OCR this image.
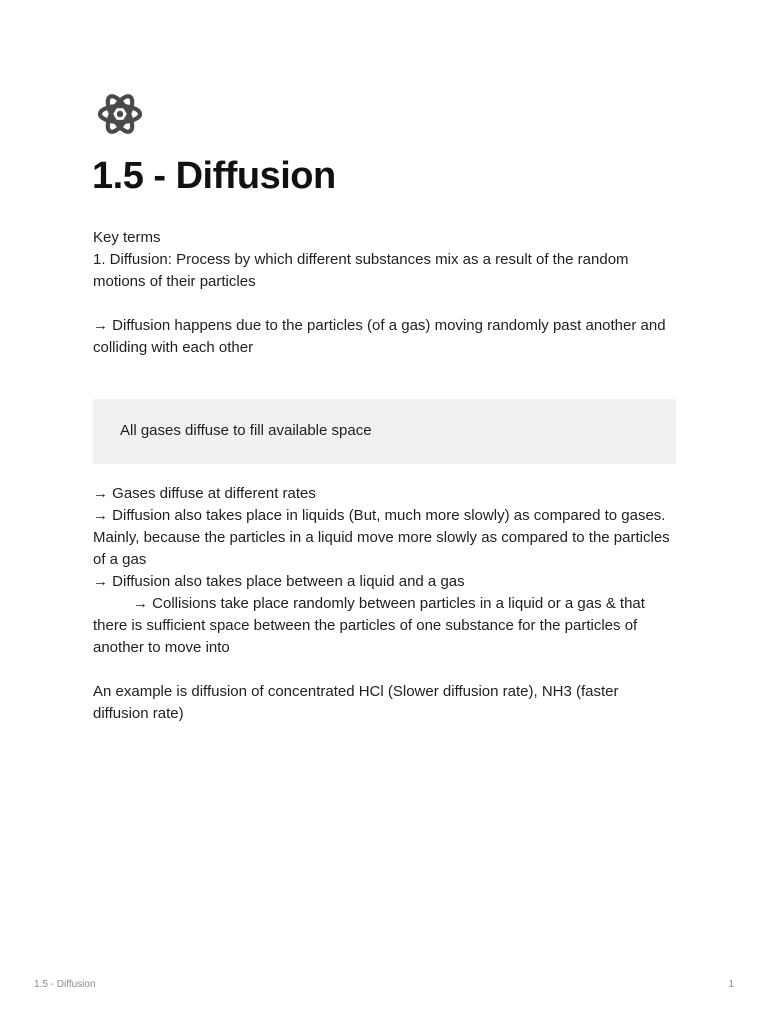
1.5 - Diffusion

Key terms

1. Diffusion: Process by which different substances mix as a result of the random motions of their particles

→ Diffusion happens due to the particles (of a gas) moving randomly past another and colliding with each other

All gases diffuse to fill available space

→ Gases diffuse at different rates

→ Diffusion also takes place in liquids (But, much more slowly) as compared to gases. Mainly, because the particles in a liquid move more slowly as compared to the particles of a gas

→ Diffusion also takes place between a liquid and a gas

→ Collisions take place randomly between particles in a liquid or a gas & that there is sufficient space between the particles of one substance for the particles of another to move into

An example is diffusion of concentrated HCl (Slower diffusion rate), NH3 (faster diffusion rate)

1.5 - Diffusion	1
